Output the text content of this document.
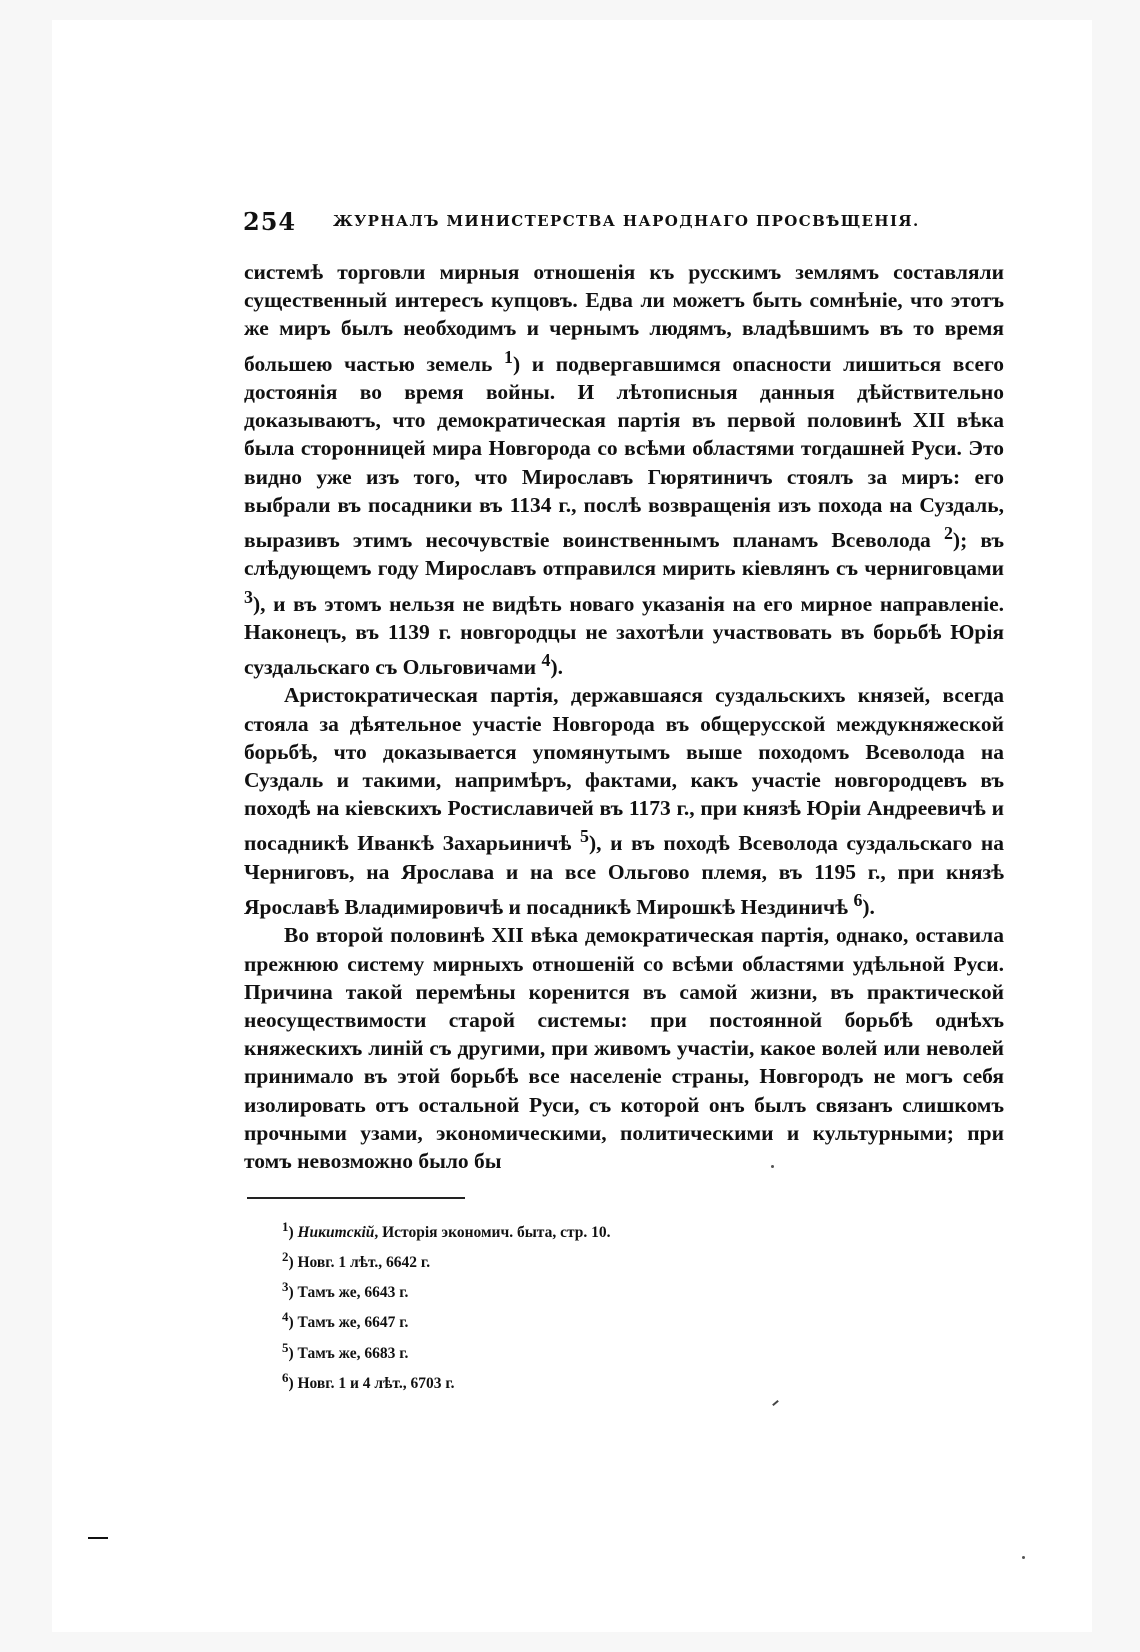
254 ЖУРНАЛЪ МИНИСТЕРСТВА НАРОДНАГО ПРОСВѢЩЕНІЯ.

системѣ торговли мирныя отношенія къ русскимъ землямъ составляли существенный интересъ купцовъ. Едва ли можетъ быть сомнѣніе, что этотъ же миръ былъ необходимъ и чернымъ людямъ, владѣвшимъ въ то время большею частью земель $^1$) и подвергавшимся опасности лишиться всего достоянія во время войны. И лѣтописныя данныя дѣйствительно доказываютъ, что демократическая партія въ первой половинѣ XII вѣка была сторонницей мира Новгорода со всѣми областями тогдашней Руси. Это видно уже изъ того, что Мирославъ Гюрятиничъ стоялъ за миръ: его выбрали въ посадники въ 1134 г., послѣ возвращенія изъ похода на Суздаль, выразивъ этимъ несочувствіе воинственнымъ планамъ Всеволода $^2$); въ слѣдующемъ году Мирославъ отправился мирить кіевлянъ съ черниговцами $^3$), и въ этомъ нельзя не видѣть новаго указанія на его мирное направленіе. Наконецъ, въ 1139 г. новгородцы не захотѣли участвовать въ борьбѣ Юрія суздальскаго съ Ольговичами $^4$).

Аристократическая партія, державшаяся суздальскихъ князей, всегда стояла за дѣятельное участіе Новгорода въ общерусской междукняжеской борьбѣ, что доказывается упомянутымъ выше походомъ Всеволода на Суздаль и такими, напримѣръ, фактами, какъ участіе новгородцевъ въ походѣ на кіевскихъ Ростиславичей въ 1173 г., при князѣ Юріи Андреевичѣ и посадникѣ Иванкѣ Захарьиничѣ $^5$), и въ походѣ Всеволода суздальскаго на Черниговъ, на Ярослава и на все Ольгово племя, въ 1195 г., при князѣ Ярославѣ Владимировичѣ и посадникѣ Мирошкѣ Нездиничѣ $^6$).

Во второй половинѣ XII вѣка демократическая партія, однако, оставила прежнюю систему мирныхъ отношеній со всѣми областями удѣльной Руси. Причина такой перемѣны коренится въ самой жизни, въ практической неосуществимости старой системы: при постоянной борьбѣ однѣхъ княжескихъ линій съ другими, при живомъ участіи, какое волей или неволей принимало въ этой борьбѣ все населеніе страны, Новгородъ не могъ себя изолировать отъ остальной Руси, съ которой онъ былъ связанъ слишкомъ прочными узами, экономическими, политическими и культурными; при томъ невозможно было бы

$^1$) Никитскій, Исторія экономич. быта, стр. 10.
$^2$) Новг. 1 лѣт., 6642 г.
$^3$) Тамъ же, 6643 г.
$^4$) Тамъ же, 6647 г.
$^5$) Тамъ же, 6683 г.
$^6$) Новг. 1 и 4 лѣт., 6703 г.
